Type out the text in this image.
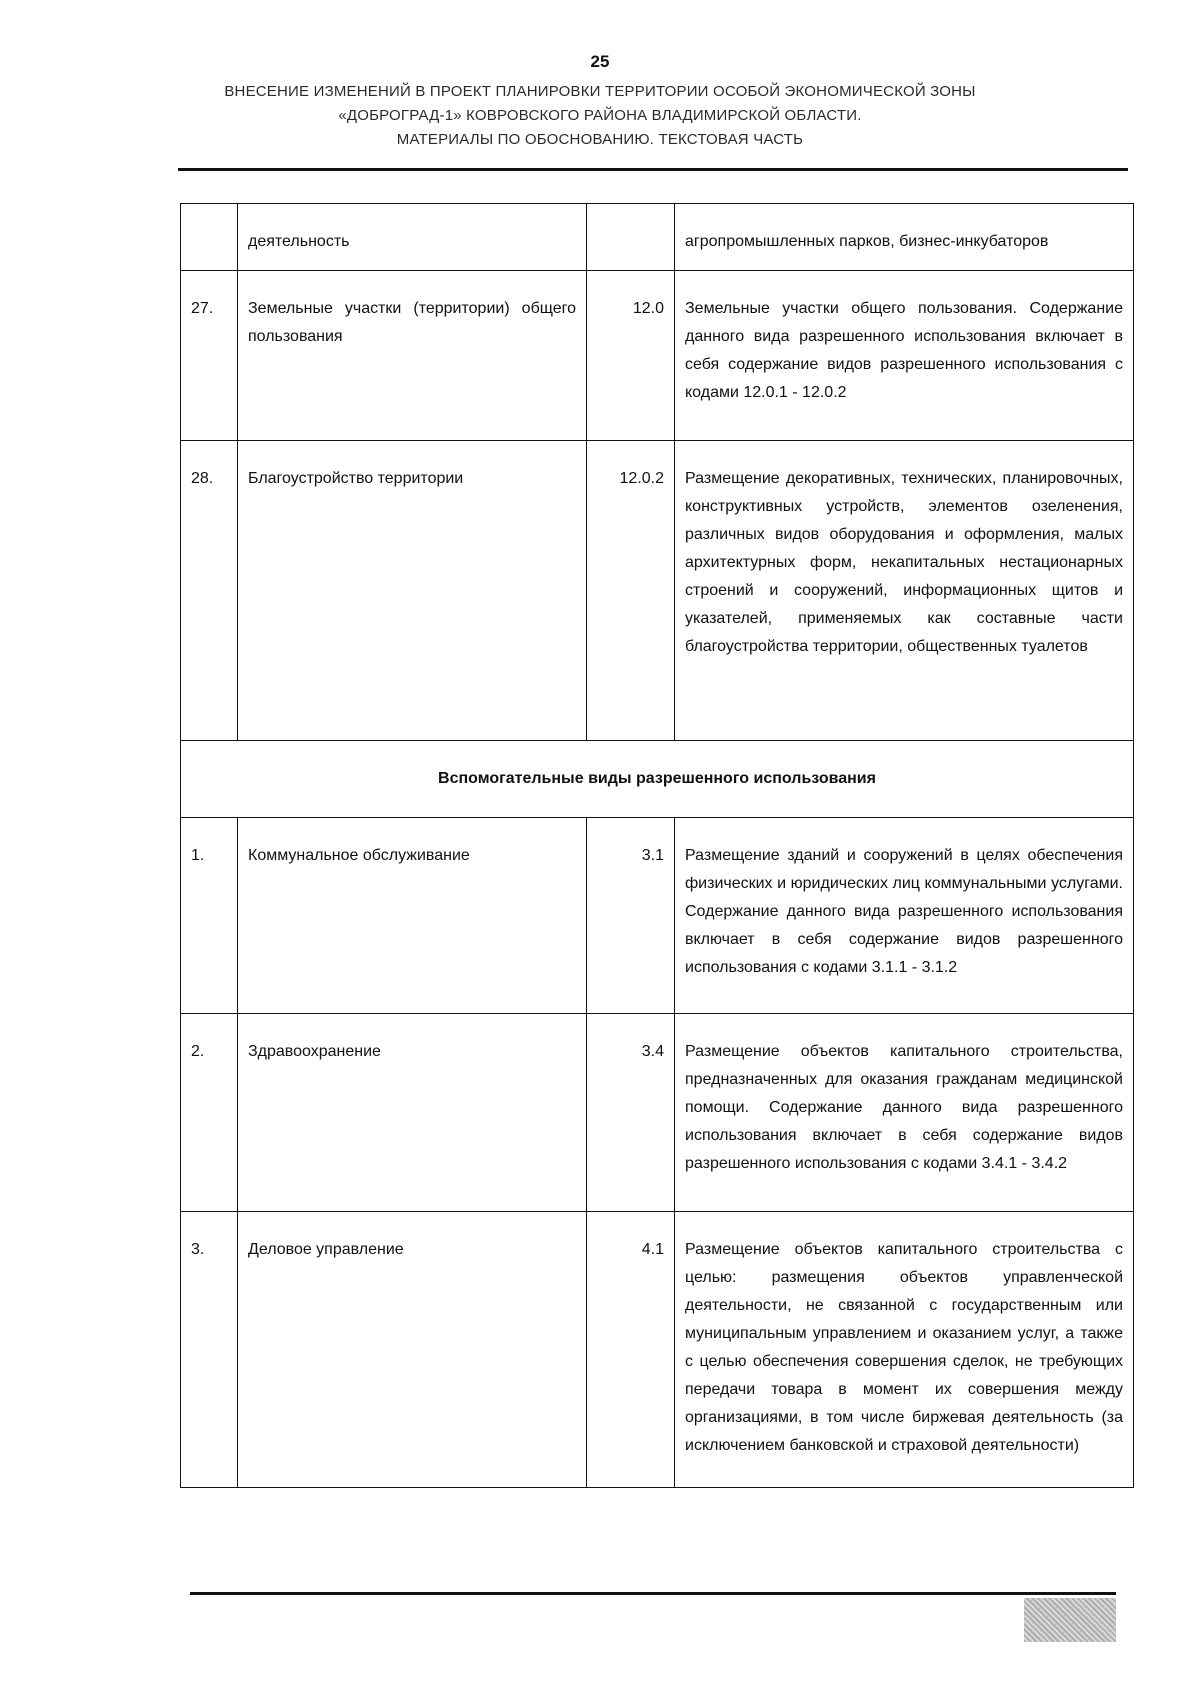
25
ВНЕСЕНИЕ ИЗМЕНЕНИЙ В ПРОЕКТ ПЛАНИРОВКИ ТЕРРИТОРИИ ОСОБОЙ ЭКОНОМИЧЕСКОЙ ЗОНЫ
«ДОБРОГРАД-1» КОВРОВСКОГО РАЙОНА ВЛАДИМИРСКОЙ ОБЛАСТИ.
МАТЕРИАЛЫ ПО ОБОСНОВАНИЮ. ТЕКСТОВАЯ ЧАСТЬ
	деятельность		агропромышленных парков, бизнес-инкубаторов
27.	Земельные участки (территории) общего пользования	12.0	Земельные участки общего пользования. Содержание данного вида разрешенного использования включает в себя содержание видов разрешенного использования с кодами 12.0.1 - 12.0.2
28.	Благоустройство территории	12.0.2	Размещение декоративных, технических, планировочных, конструктивных устройств, элементов озеленения, различных видов оборудования и оформления, малых архитектурных форм, некапитальных нестационарных строений и сооружений, информационных щитов и указателей, применяемых как составные части благоустройства территории, общественных туалетов
Вспомогательные виды разрешенного использования			
1.	Коммунальное обслуживание	3.1	Размещение зданий и сооружений в целях обеспечения физических и юридических лиц коммунальными услугами. Содержание данного вида разрешенного использования включает в себя содержание видов разрешенного использования с кодами 3.1.1 - 3.1.2
2.	Здравоохранение	3.4	Размещение объектов капитального строительства, предназначенных для оказания гражданам медицинской помощи. Содержание данного вида разрешенного использования включает в себя содержание видов разрешенного использования с кодами 3.4.1 - 3.4.2
3.	Деловое управление	4.1	Размещение объектов капитального строительства с целью: размещения объектов управленческой деятельности, не связанной с государственным или муниципальным управлением и оказанием услуг, а также с целью обеспечения совершения сделок, не требующих передачи товара в момент их совершения между организациями, в том числе биржевая деятельность (за исключением банковской и страховой деятельности)
